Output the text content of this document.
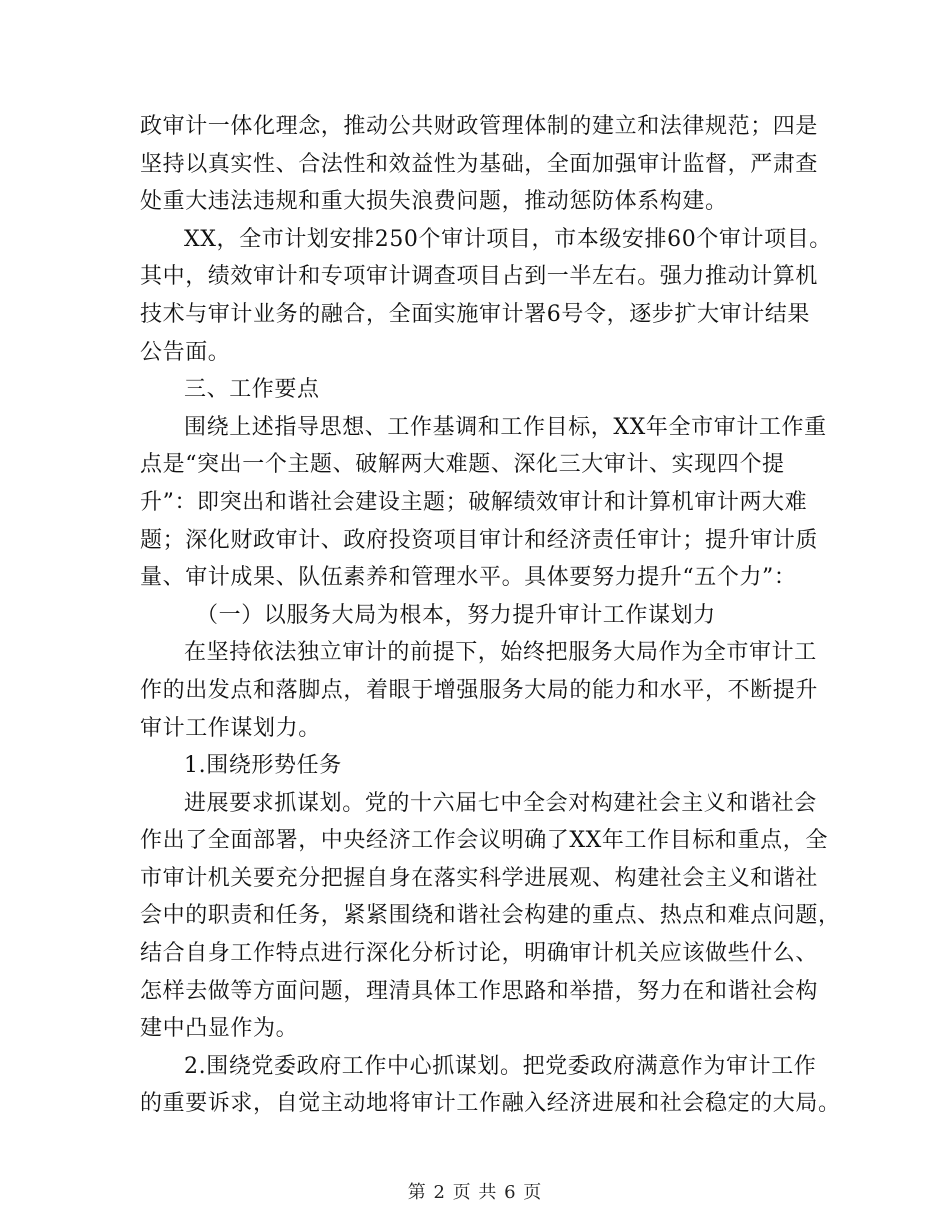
政审计一体化理念，推动公共财政管理体制的建立和法律规范；四是
坚持以真实性、合法性和效益性为基础，全面加强审计监督，严肃查
处重大违法违规和重大损失浪费问题，推动惩防体系构建。
XX，全市计划安排250个审计项目，市本级安排60个审计项目。
其中，绩效审计和专项审计调查项目占到一半左右。强力推动计算机
技术与审计业务的融合，全面实施审计署6号令，逐步扩大审计结果
公告面。
三、工作要点
围绕上述指导思想、工作基调和工作目标，XX年全市审计工作重
点是“突出一个主题、破解两大难题、深化三大审计、实现四个提
升”：即突出和谐社会建设主题；破解绩效审计和计算机审计两大难
题；深化财政审计、政府投资项目审计和经济责任审计；提升审计质
量、审计成果、队伍素养和管理水平。具体要努力提升“五个力”：
（一）以服务大局为根本，努力提升审计工作谋划力
在坚持依法独立审计的前提下，始终把服务大局作为全市审计工
作的出发点和落脚点，着眼于增强服务大局的能力和水平，不断提升
审计工作谋划力。
1.围绕形势任务
进展要求抓谋划。党的十六届七中全会对构建社会主义和谐社会
作出了全面部署，中央经济工作会议明确了XX年工作目标和重点，全
市审计机关要充分把握自身在落实科学进展观、构建社会主义和谐社
会中的职责和任务，紧紧围绕和谐社会构建的重点、热点和难点问题，
结合自身工作特点进行深化分析讨论，明确审计机关应该做些什么、
怎样去做等方面问题，理清具体工作思路和举措，努力在和谐社会构
建中凸显作为。
2.围绕党委政府工作中心抓谋划。把党委政府满意作为审计工作
的重要诉求，自觉主动地将审计工作融入经济进展和社会稳定的大局。
第 2 页 共 6 页
